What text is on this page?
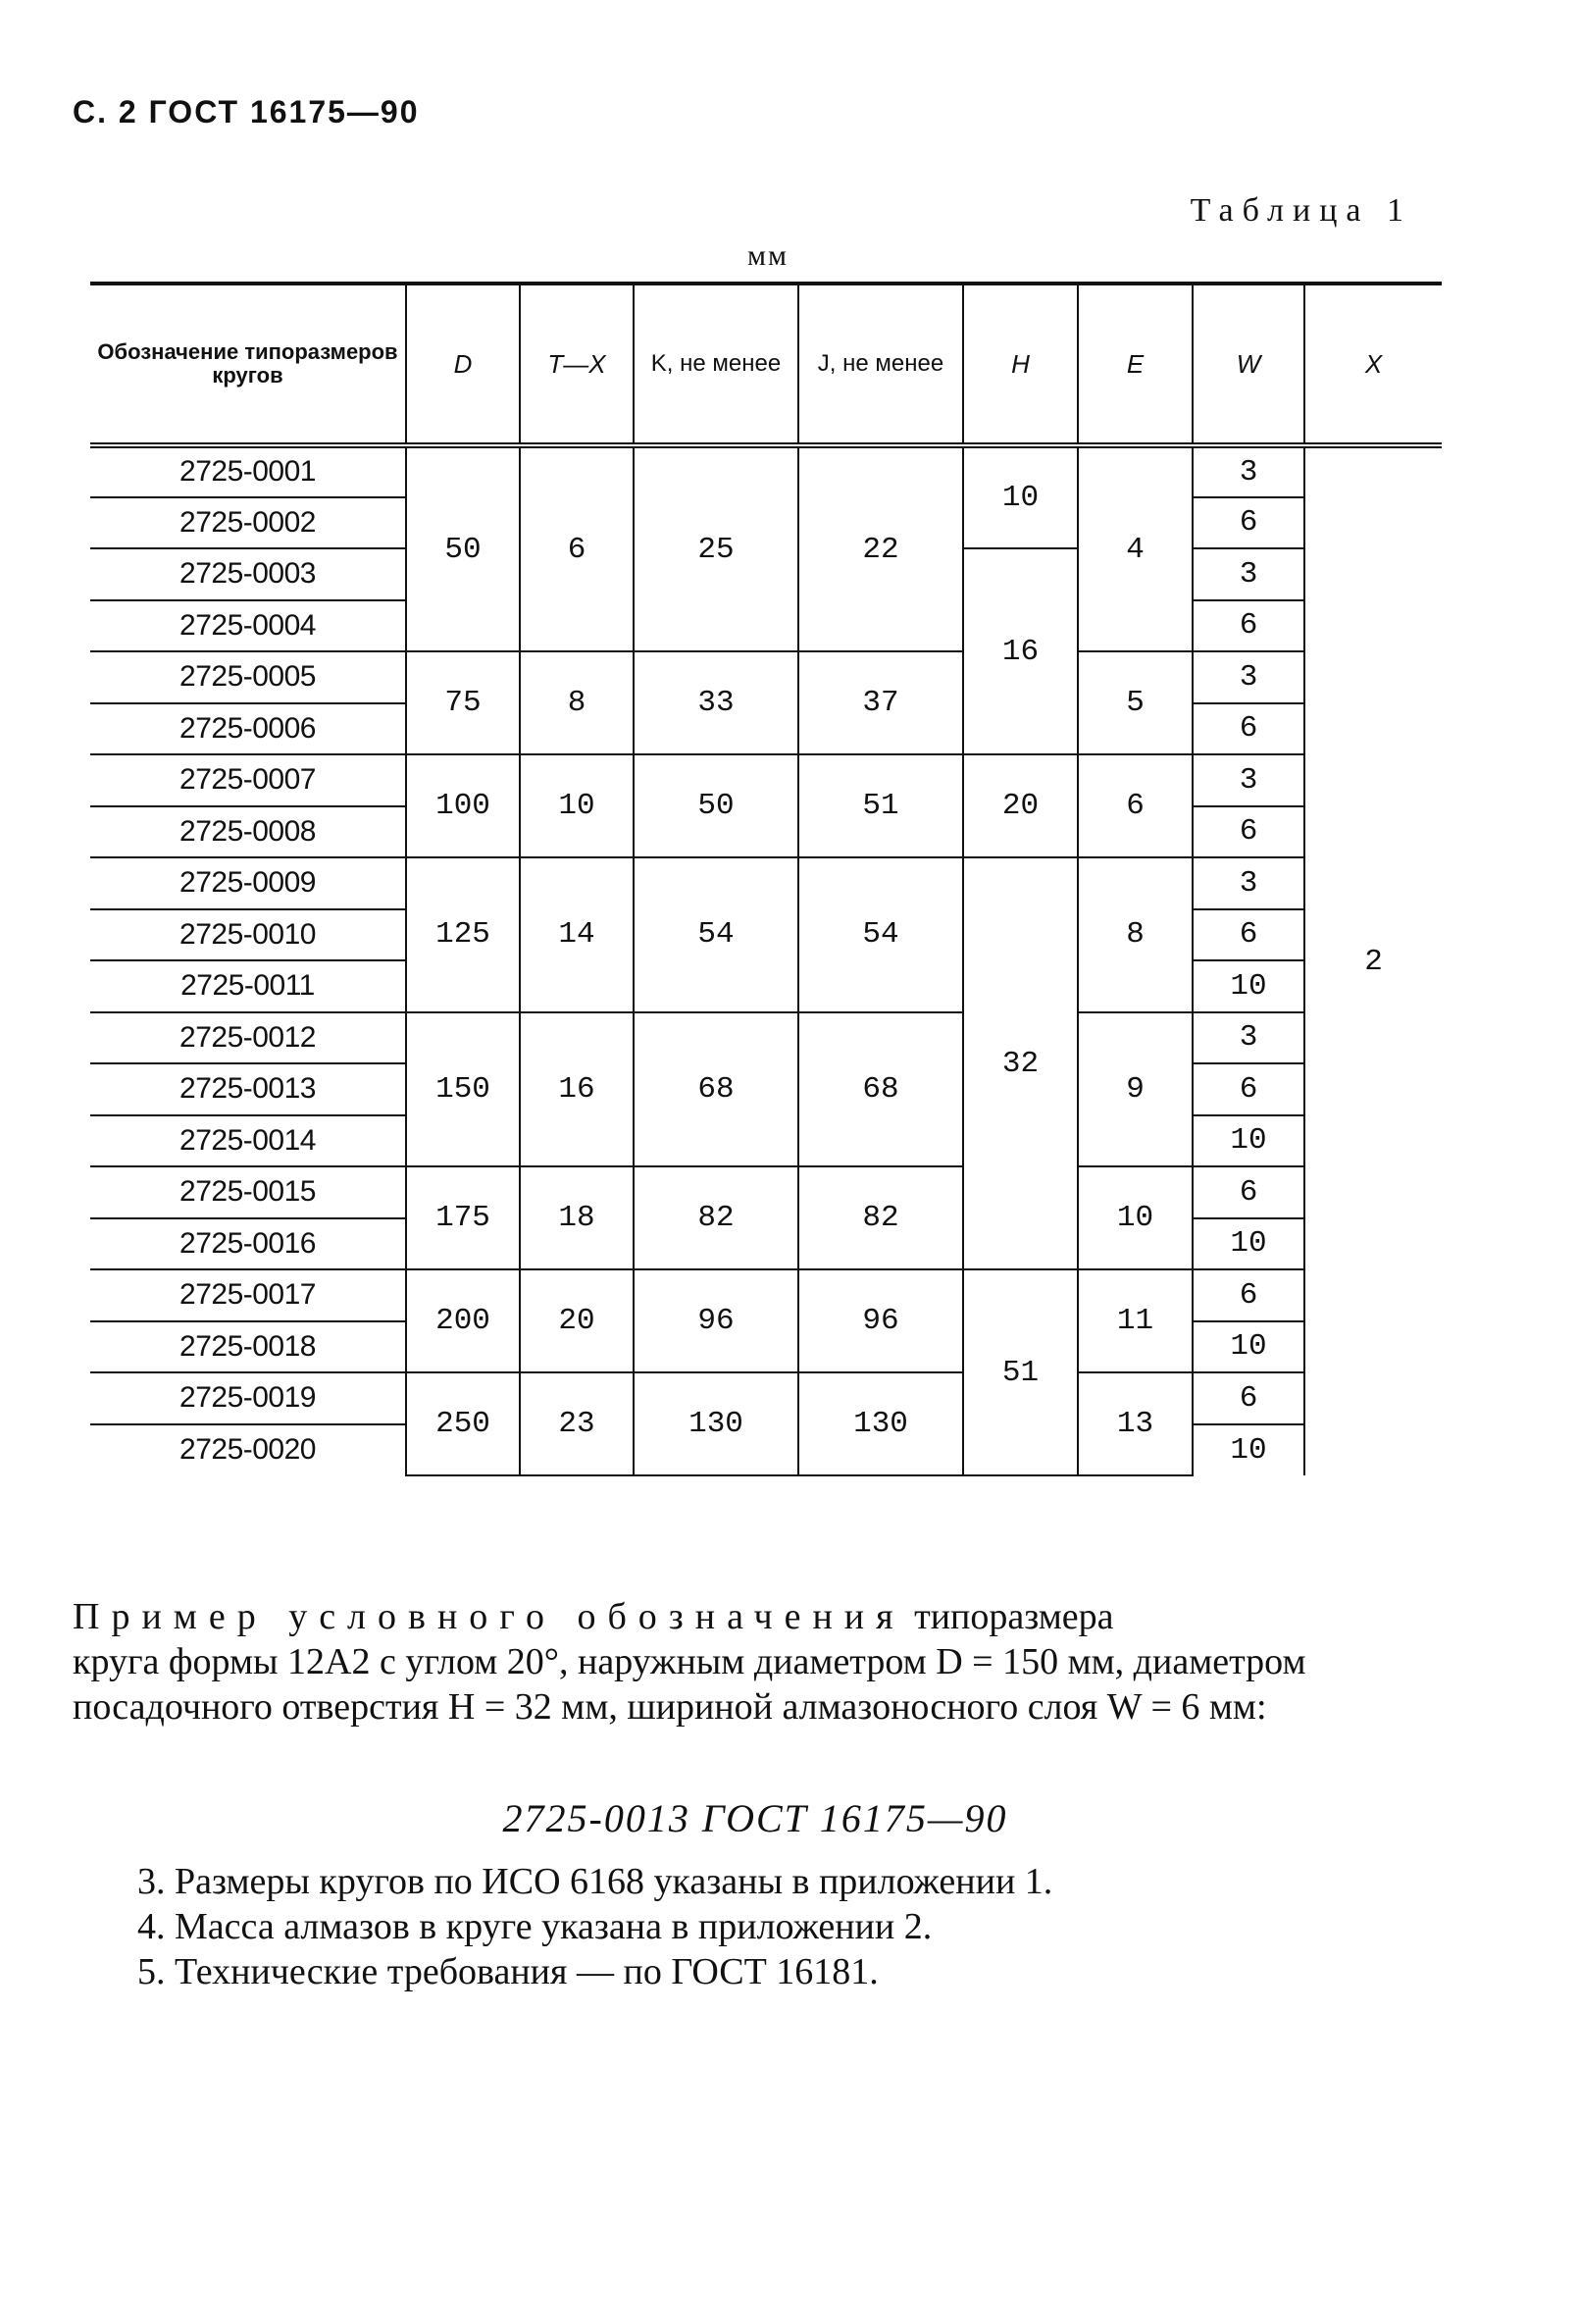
С. 2 ГОСТ 16175—90
Таблица 1
мм
Обозначение типоразмеров кругов	D	T—X	K, не менее	J, не менее	H	E	W	X
2725-0001	50	6	25	22	10	4	3	2
2725-0002							6	
2725-0003					16		3	
2725-0004							6	
2725-0005	75	8	33	37		5	3	
2725-0006							6	
2725-0007	100	10	50	51	20	6	3	
2725-0008							6	
2725-0009	125	14	54	54	32	8	3	
2725-0010							6	
2725-0011							10	
2725-0012	150	16	68	68		9	3	
2725-0013							6	
2725-0014							10	
2725-0015	175	18	82	82		10	6	
2725-0016							10	
2725-0017	200	20	96	96	51	11	6	
2725-0018							10	
2725-0019	250	23	130	130		13	6	
2725-0020							10	

Пример условного обозначения типоразмера

круга формы 12А2 с углом 20°, наружным диаметром D = 150 мм, диаметром посадочного отверстия H = 32 мм, шириной алмазоносного слоя W = 6 мм:

2725-0013 ГОСТ 16175—90
3. Размеры кругов по ИСО 6168 указаны в приложении 1.
4. Масса алмазов в круге указана в приложении 2.
5. Технические требования — по ГОСТ 16181.
